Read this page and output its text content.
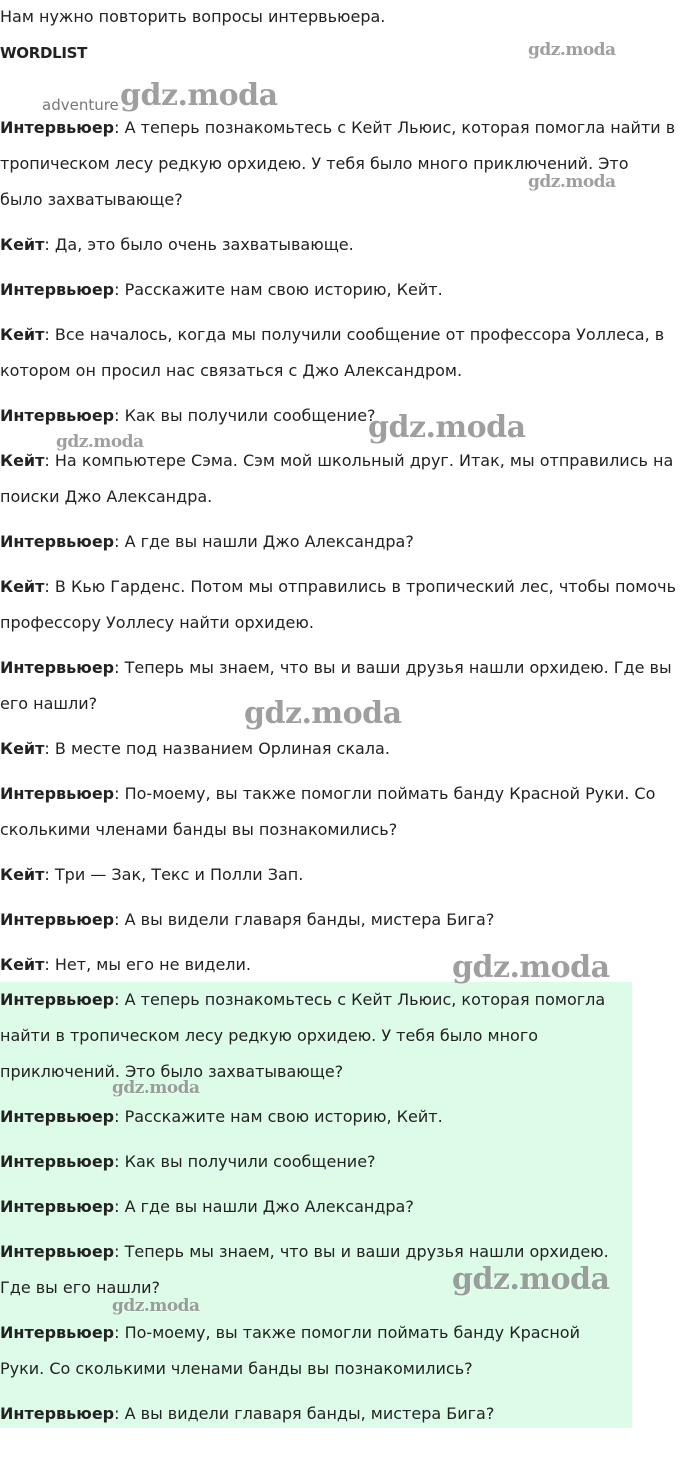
Нам нужно повторить вопросы интервьюера.

WORDLIST

adventure

Интервьюер: А теперь познакомьтесь с Кейт Льюис, которая помогла найти в тропическом лесу редкую орхидею. У тебя было много приключений. Это было захватывающе?

Кейт: Да, это было очень захватывающе.

Интервьюер: Расскажите нам свою историю, Кейт.

Кейт: Все началось, когда мы получили сообщение от профессора Уоллеса, в котором он просил нас связаться с Джо Александром.

Интервьюер: Как вы получили сообщение?

Кейт: На компьютере Сэма. Сэм мой школьный друг. Итак, мы отправились на поиски Джо Александра.

Интервьюер: А где вы нашли Джо Александра?

Кейт: В Кью Гарденс. Потом мы отправились в тропический лес, чтобы помочь профессору Уоллесу найти орхидею.

Интервьюер: Теперь мы знаем, что вы и ваши друзья нашли орхидею. Где вы его нашли?

Кейт: В месте под названием Орлиная скала.

Интервьюер: По-моему, вы также помогли поймать банду Красной Руки. Со сколькими членами банды вы познакомились?

Кейт: Три — Зак, Текс и Полли Зап.

Интервьюер: А вы видели главаря банды, мистера Бига?

Кейт: Нет, мы его не видели.

Интервьюер: А теперь познакомьтесь с Кейт Льюис, которая помогла найти в тропическом лесу редкую орхидею. У тебя было много приключений. Это было захватывающе?

Интервьюер: Расскажите нам свою историю, Кейт.

Интервьюер: Как вы получили сообщение?

Интервьюер: А где вы нашли Джо Александра?

Интервьюер: Теперь мы знаем, что вы и ваши друзья нашли орхидею. Где вы его нашли?

Интервьюер: По-моему, вы также помогли поймать банду Красной Руки. Со сколькими членами банды вы познакомились?

Интервьюер: А вы видели главаря банды, мистера Бига?

gdz.moda
gdz.moda
gdz.moda
gdz.moda	gdz.moda
gdz.moda
gdz.moda
gdz.moda
gdz.moda
gdz.moda
